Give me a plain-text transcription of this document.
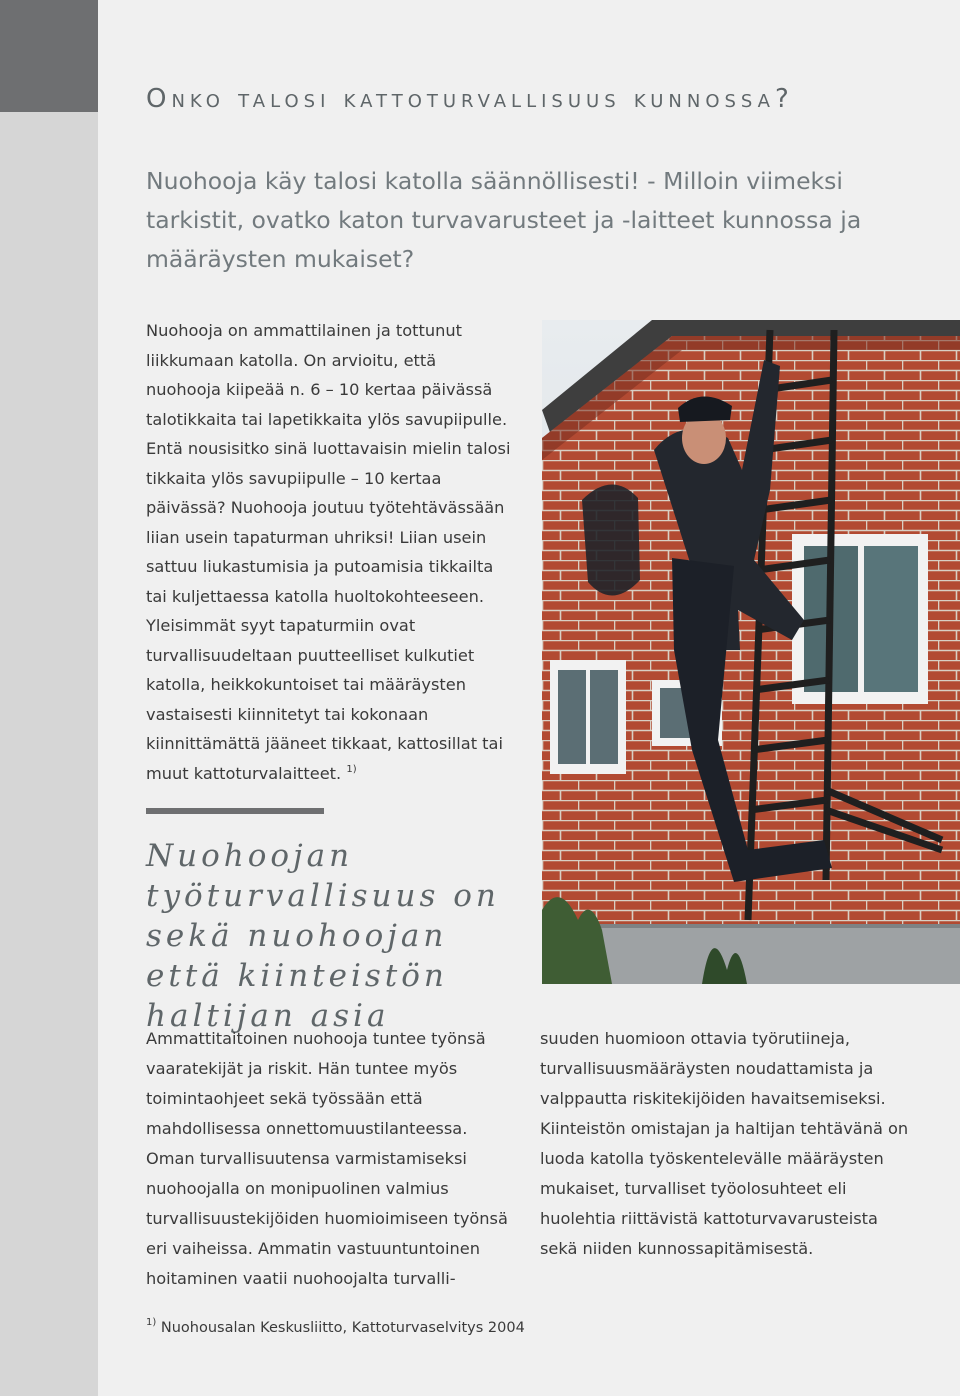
Onko talosi kattoturvallisuus kunnossa?

Nuohooja käy talosi katolla säännöllisesti! - Milloin viimeksi tarkistit, ovatko katon turvavarusteet ja -laitteet kunnossa ja määräysten mukaiset?

Nuohooja on ammattilainen ja tottunut liikkumaan katolla. On arvioitu, että nuohooja kiipeää n. 6 – 10 kertaa päivässä talotikkaita tai lapetikkaita ylös savupiipulle. Entä nousisitko sinä luottavaisin mielin talosi tikkaita ylös savupiipulle – 10 kertaa päivässä? Nuohooja joutuu työtehtävässään liian usein tapaturman uhriksi! Liian usein sattuu liukastumisia ja putoamisia tikkailta tai kuljettaessa katolla huoltokohteeseen. Yleisimmät syyt tapaturmiin ovat turvallisuudeltaan puutteelliset kulkutiet katolla, heikkokuntoiset tai määräysten vastaisesti kiinnitetyt tai kokonaan kiinnittämättä jääneet tikkaat, kattosillat tai muut kattoturvalaitteet. $^{1)}$

Nuohoojan työturvallisuus on sekä nuohoojan että kiinteistön haltijan asia

Ammattitaitoinen nuohooja tuntee työnsä vaaratekijät ja riskit. Hän tuntee myös toimintaohjeet sekä työssään että mahdollisessa onnettomuustilanteessa. Oman turvallisuutensa varmistamiseksi nuohoojalla on monipuolinen valmius turvallisuustekijöiden huomioimiseen työnsä eri vaiheissa. Ammatin vastuuntuntoinen hoitaminen vaatii nuohoojalta turvalli-

suuden huomioon ottavia työrutiineja, turvallisuusmääräysten noudattamista ja valppautta riskitekijöiden havaitsemiseksi. Kiinteistön omistajan ja haltijan tehtävänä on luoda katolla työskentelevälle määräysten mukaiset, turvalliset työolosuhteet eli huolehtia riittävistä kattoturvavarusteista sekä niiden kunnossapitämisestä.

$^{1)}$ Nuohousalan Keskusliitto, Kattoturvaselvitys 2004
